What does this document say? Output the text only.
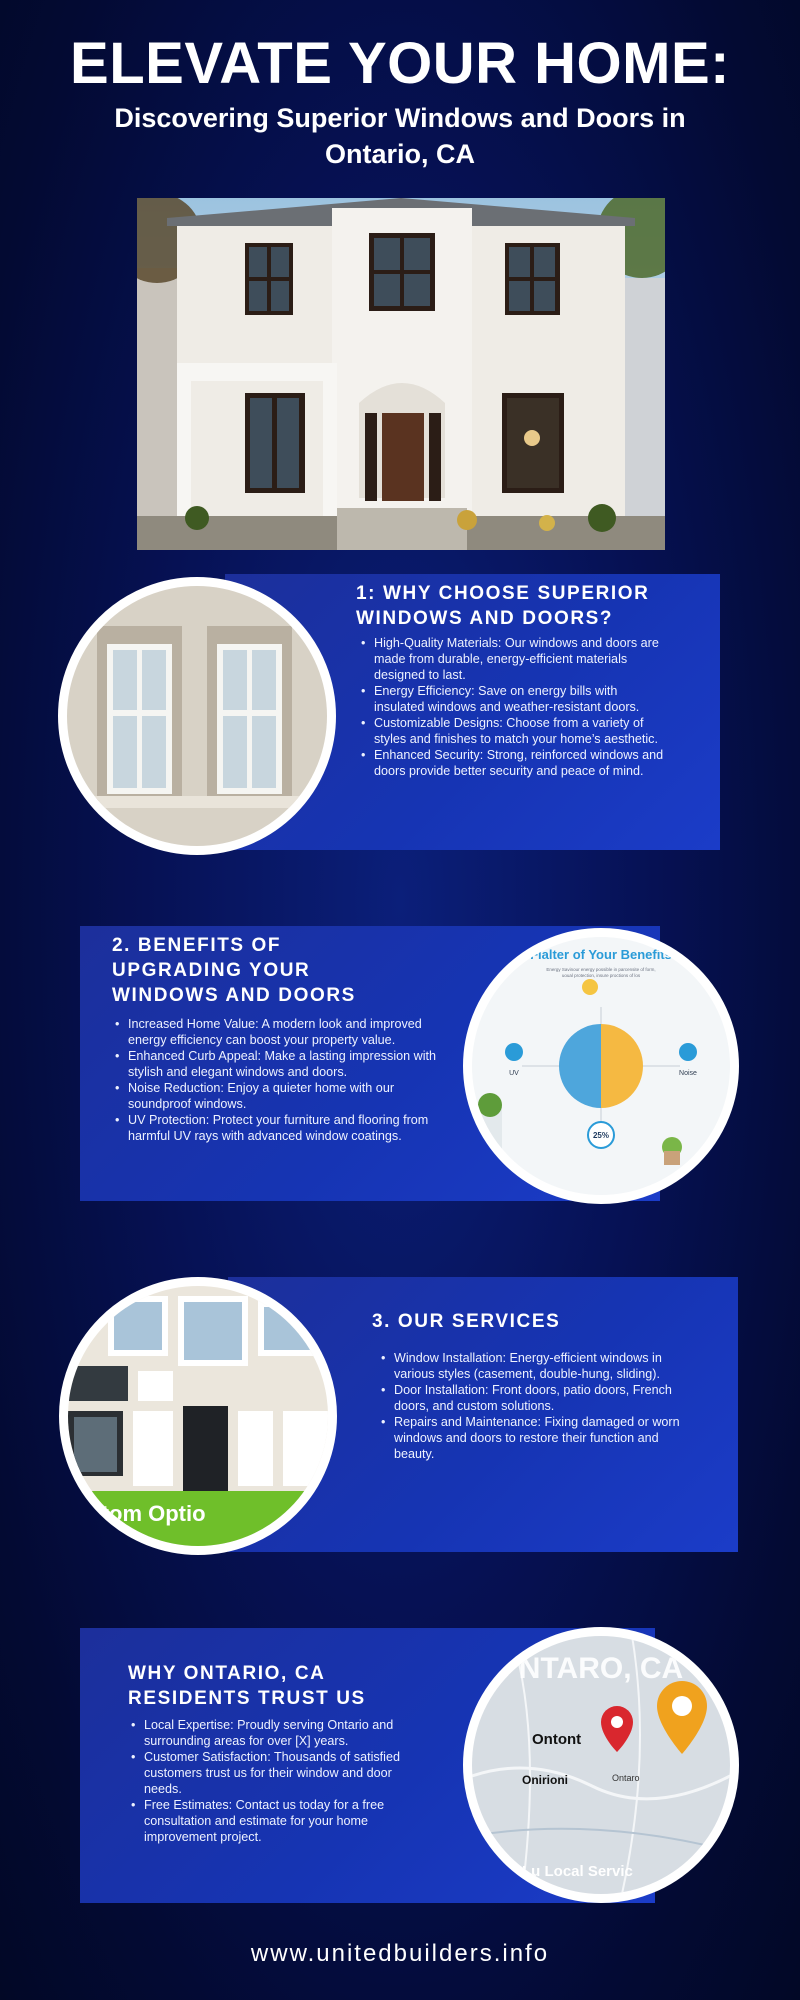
ELEVATE YOUR HOME:
Discovering Superior Windows and Doors in Ontario, CA
1: WHY CHOOSE SUPERIOR WINDOWS AND DOORS?
• High-Quality Materials: Our windows and doors are made from durable, energy-efficient materials designed to last.
• Energy Efficiency: Save on energy bills with insulated windows and weather-resistant doors.
• Customizable Designs: Choose from a variety of styles and finishes to match your home’s aesthetic.
• Enhanced Security: Strong, reinforced windows and doors provide better security and peace of mind.
Flalter of Your Benefits
Energy Savinour energy possible in parcensite of form,
uoual protection, insure proctions of los
UV	Noise
25%
2. BENEFITS OF UPGRADING YOUR WINDOWS AND DOORS
• Increased Home Value: A modern look and improved energy efficiency can boost your property value.
• Enhanced Curb Appeal: Make a lasting impression with stylish and elegant windows and doors.
• Noise Reduction: Enjoy a quieter home with our soundproof windows.
• UV Protection: Protect your furniture and flooring from harmful UV rays with advanced window coatings.
ustom Optio
3. OUR SERVICES
• Window Installation: Energy-efficient windows in various styles (casement, double-hung, sliding).
• Door Installation: Front doors, patio doors, French doors, and custom solutions.
• Repairs and Maintenance: Fixing damaged or worn windows and doors to restore their function and beauty.
NTARO, CA
Ontont
Onirioni	Ontaro
Lu Local Servic
WHY ONTARIO, CA RESIDENTS TRUST US
• Local Expertise: Proudly serving Ontario and surrounding areas for over [X] years.
• Customer Satisfaction: Thousands of satisfied customers trust us for their window and door needs.
• Free Estimates: Contact us today for a free consultation and estimate for your home improvement project.
www.unitedbuilders.info
